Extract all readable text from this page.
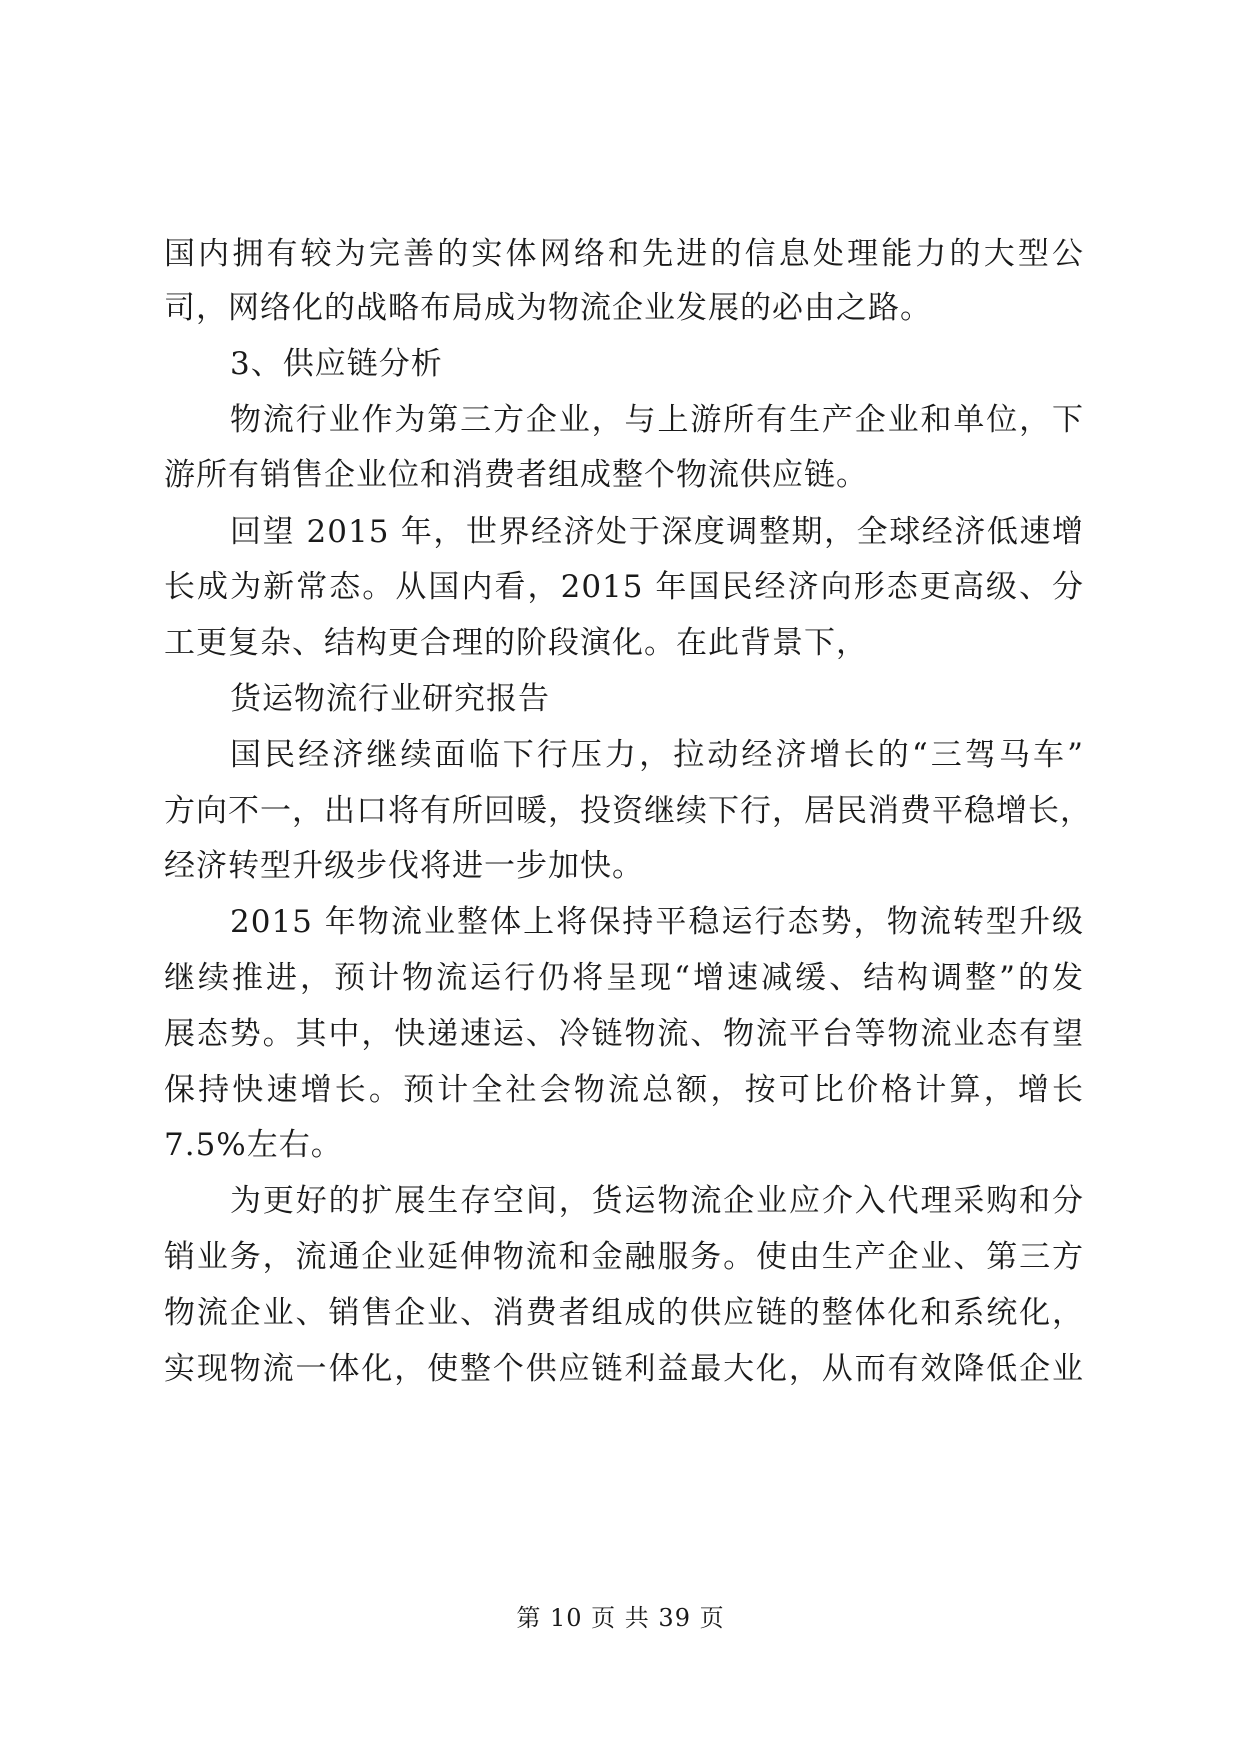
国内拥有较为完善的实体网络和先进的信息处理能力的大型公
司，网络化的战略布局成为物流企业发展的必由之路。
3、供应链分析
物流行业作为第三方企业，与上游所有生产企业和单位，下
游所有销售企业位和消费者组成整个物流供应链。
回望 2015 年，世界经济处于深度调整期，全球经济低速增
长成为新常态。从国内看，2015 年国民经济向形态更高级、分
工更复杂、结构更合理的阶段演化。在此背景下，
货运物流行业研究报告
国民经济继续面临下行压力，拉动经济增长的“三驾马车”
方向不一，出口将有所回暖，投资继续下行，居民消费平稳增长，
经济转型升级步伐将进一步加快。
2015 年物流业整体上将保持平稳运行态势，物流转型升级
继续推进，预计物流运行仍将呈现“增速减缓、结构调整”的发
展态势。其中，快递速运、冷链物流、物流平台等物流业态有望
保持快速增长。预计全社会物流总额，按可比价格计算，增长
7.5%左右。
为更好的扩展生存空间，货运物流企业应介入代理采购和分
销业务，流通企业延伸物流和金融服务。使由生产企业、第三方
物流企业、销售企业、消费者组成的供应链的整体化和系统化，
实现物流一体化，使整个供应链利益最大化，从而有效降低企业
第 10 页 共 39 页
